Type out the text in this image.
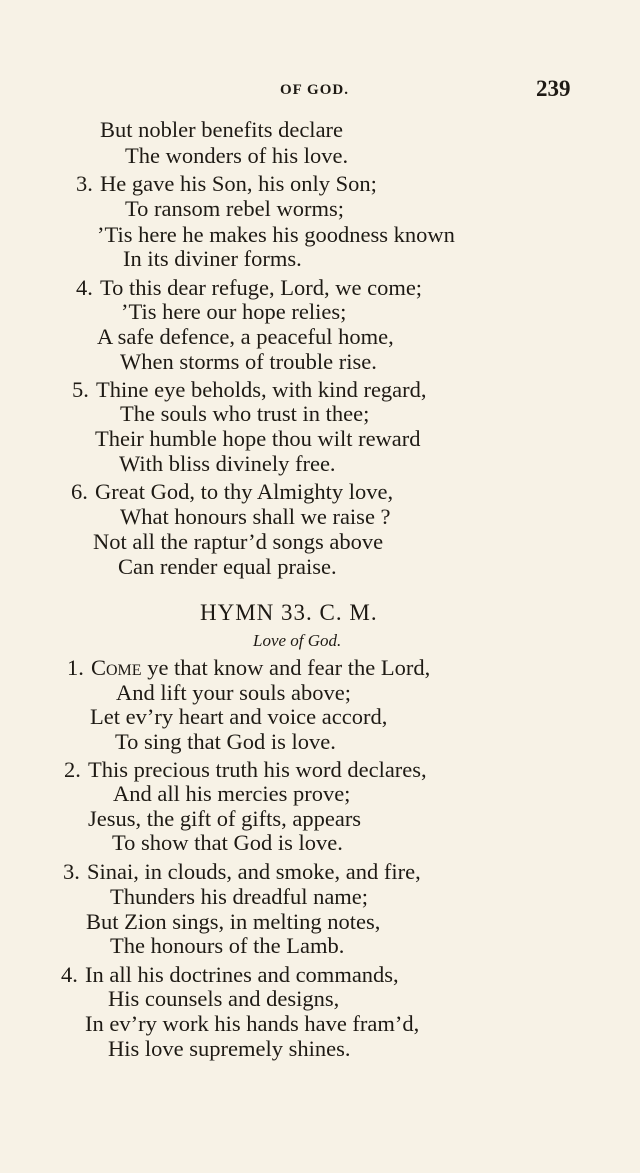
OF GOD.	239
But nobler benefits declare
The wonders of his love.
3. He gave his Son, his only Son;
To ransom rebel worms;
’Tis here he makes his goodness known
In its diviner forms.
4. To this dear refuge, Lord, we come;
’Tis here our hope relies;
A safe defence, a peaceful home,
When storms of trouble rise.
5. Thine eye beholds, with kind regard,
The souls who trust in thee;
Their humble hope thou wilt reward
With bliss divinely free.
6. Great God, to thy Almighty love,
What honours shall we raise ?
Not all the raptur’d songs above
Can render equal praise.
HYMN 33. C. M.
Love of God.
1. Come ye that know and fear the Lord,
And lift your souls above;
Let ev’ry heart and voice accord,
To sing that God is love.
2. This precious truth his word declares,
And all his mercies prove;
Jesus, the gift of gifts, appears
To show that God is love.
3. Sinai, in clouds, and smoke, and fire,
Thunders his dreadful name;
But Zion sings, in melting notes,
The honours of the Lamb.
4. In all his doctrines and commands,
His counsels and designs,
In ev’ry work his hands have fram’d,
His love supremely shines.
